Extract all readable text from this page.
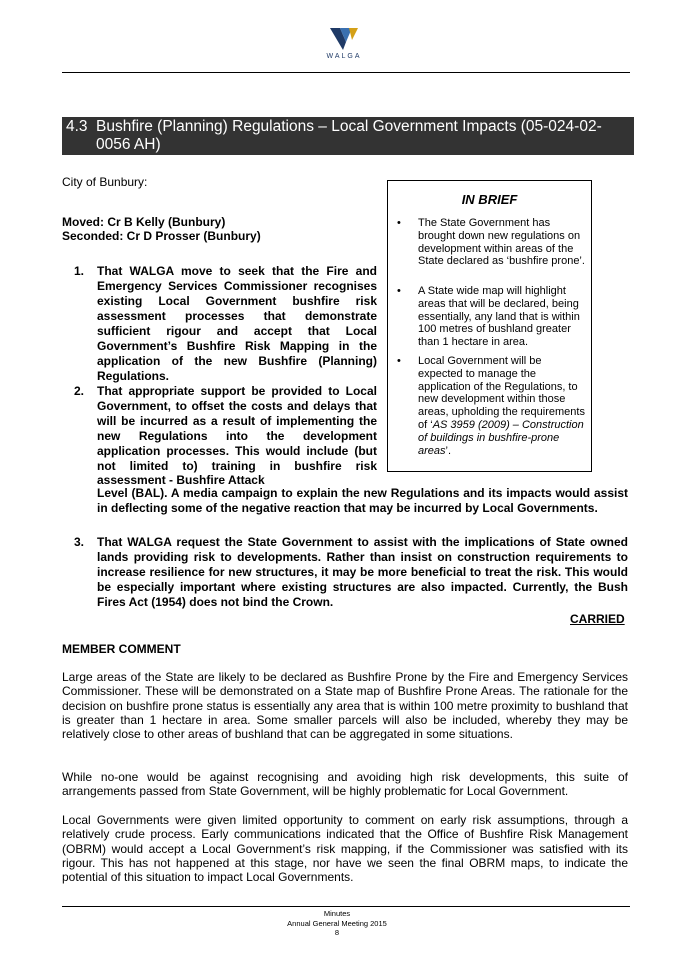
WALGA
4.3 Bushfire (Planning) Regulations – Local Government Impacts (05-024-02-0056 AH)
City of Bunbury:
Moved: Cr B Kelly (Bunbury)
Seconded: Cr D Prosser (Bunbury)
1. That WALGA move to seek that the Fire and Emergency Services Commissioner recognises existing Local Government bushfire risk assessment processes that demonstrate sufficient rigour and accept that Local Government’s Bushfire Risk Mapping in the application of the new Bushfire (Planning) Regulations.
2. That appropriate support be provided to Local Government, to offset the costs and delays that will be incurred as a result of implementing the new Regulations into the development application processes. This would include (but not limited to) training in bushfire risk assessment - Bushfire Attack
Level (BAL). A media campaign to explain the new Regulations and its impacts would assist in deflecting some of the negative reaction that may be incurred by Local Governments.
3. That WALGA request the State Government to assist with the implications of State owned lands providing risk to developments. Rather than insist on construction requirements to increase resilience for new structures, it may be more beneficial to treat the risk. This would be especially important where existing structures are also impacted. Currently, the Bush Fires Act (1954) does not bind the Crown.
IN BRIEF
• The State Government has brought down new regulations on development within areas of the State declared as ‘bushfire prone’.
• A State wide map will highlight areas that will be declared, being essentially, any land that is within 100 metres of bushland greater than 1 hectare in area.
• Local Government will be expected to manage the application of the Regulations, to new development within those areas, upholding the requirements of ‘AS 3959 (2009) – Construction of buildings in bushfire-prone areas’.
CARRIED
MEMBER COMMENT
Large areas of the State are likely to be declared as Bushfire Prone by the Fire and Emergency Services Commissioner. These will be demonstrated on a State map of Bushfire Prone Areas. The rationale for the decision on bushfire prone status is essentially any area that is within 100 metre proximity to bushland that is greater than 1 hectare in area. Some smaller parcels will also be included, whereby they may be relatively close to other areas of bushland that can be aggregated in some situations.
While no-one would be against recognising and avoiding high risk developments, this suite of arrangements passed from State Government, will be highly problematic for Local Government.
Local Governments were given limited opportunity to comment on early risk assumptions, through a relatively crude process. Early communications indicated that the Office of Bushfire Risk Management (OBRM) would accept a Local Government’s risk mapping, if the Commissioner was satisfied with its rigour. This has not happened at this stage, nor have we seen the final OBRM maps, to indicate the potential of this situation to impact Local Governments.
Minutes
Annual General Meeting 2015
8
